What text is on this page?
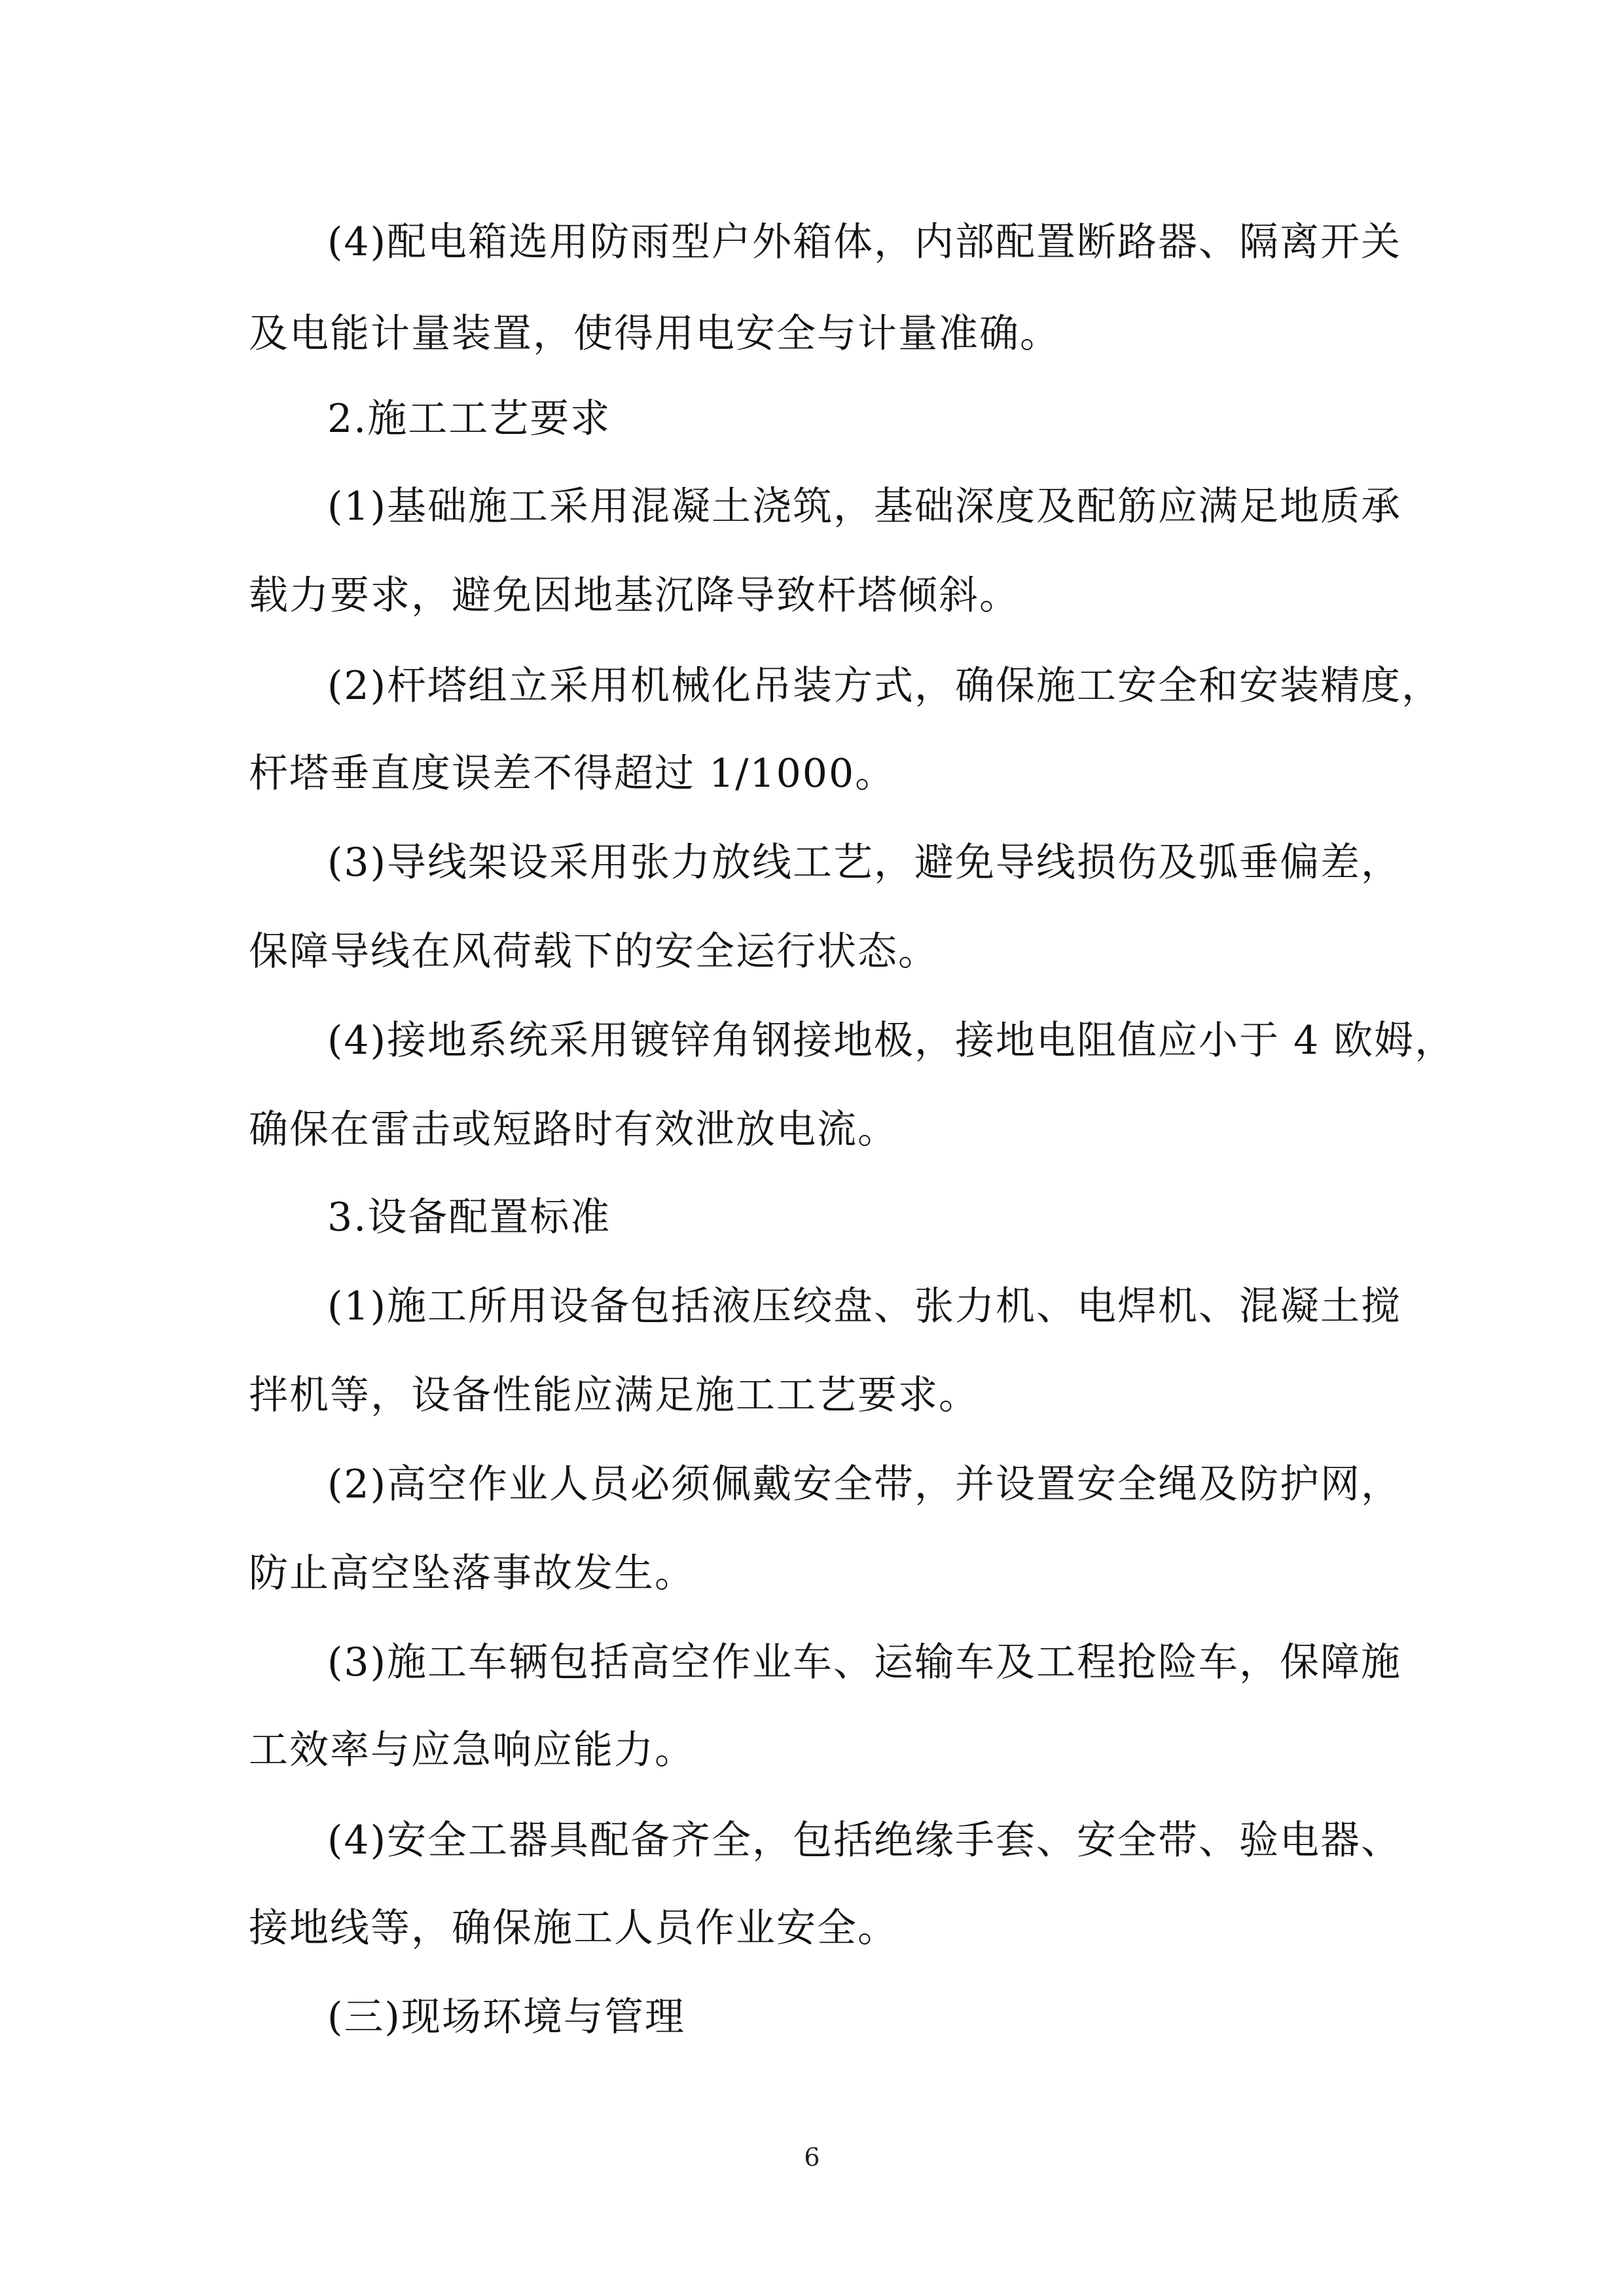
(4)配电箱选用防雨型户外箱体，内部配置断路器、隔离开关
及电能计量装置，使得用电安全与计量准确。
2.施工工艺要求
(1)基础施工采用混凝土浇筑，基础深度及配筋应满足地质承
载力要求，避免因地基沉降导致杆塔倾斜。
(2)杆塔组立采用机械化吊装方式，确保施工安全和安装精度，
杆塔垂直度误差不得超过 1/1000。
(3)导线架设采用张力放线工艺，避免导线损伤及弧垂偏差，
保障导线在风荷载下的安全运行状态。
(4)接地系统采用镀锌角钢接地极，接地电阻值应小于 4 欧姆，
确保在雷击或短路时有效泄放电流。
3.设备配置标准
(1)施工所用设备包括液压绞盘、张力机、电焊机、混凝土搅
拌机等，设备性能应满足施工工艺要求。
(2)高空作业人员必须佩戴安全带，并设置安全绳及防护网，
防止高空坠落事故发生。
(3)施工车辆包括高空作业车、运输车及工程抢险车，保障施
工效率与应急响应能力。
(4)安全工器具配备齐全，包括绝缘手套、安全带、验电器、
接地线等，确保施工人员作业安全。
(三)现场环境与管理
6
